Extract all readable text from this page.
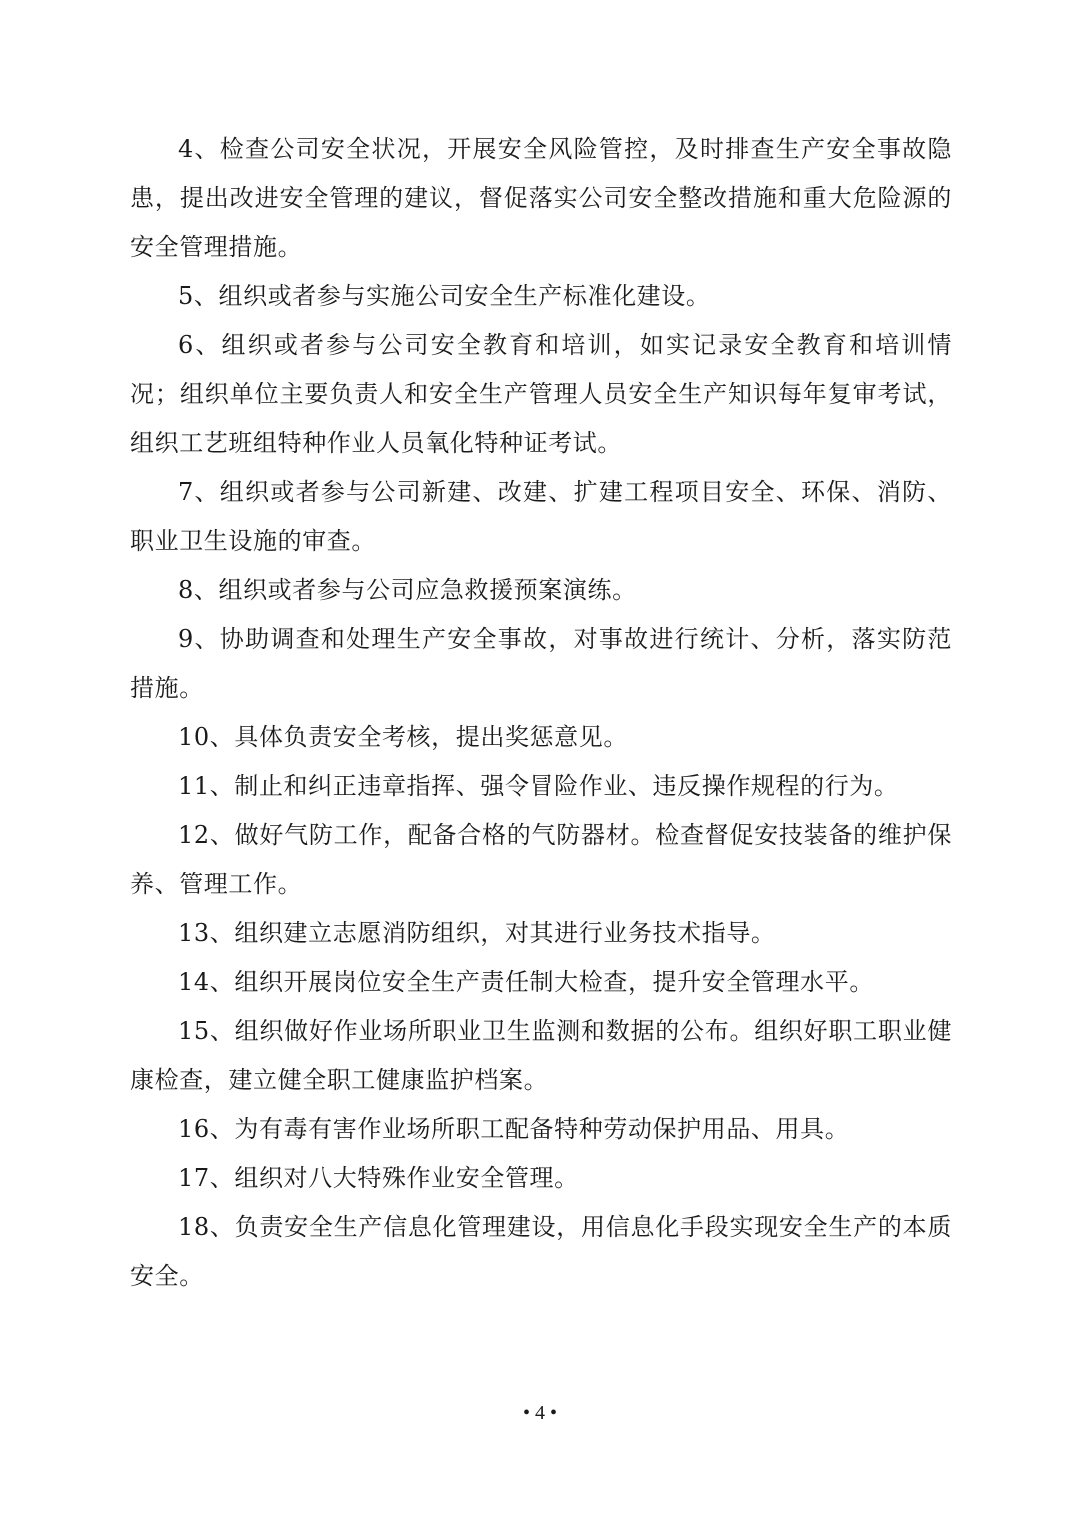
4、检查公司安全状况，开展安全风险管控，及时排查生产安全事故隐患，提出改进安全管理的建议，督促落实公司安全整改措施和重大危险源的安全管理措施。

5、组织或者参与实施公司安全生产标准化建设。

6、组织或者参与公司安全教育和培训，如实记录安全教育和培训情况；组织单位主要负责人和安全生产管理人员安全生产知识每年复审考试，组织工艺班组特种作业人员氧化特种证考试。

7、组织或者参与公司新建、改建、扩建工程项目安全、环保、消防、职业卫生设施的审查。

8、组织或者参与公司应急救援预案演练。

9、协助调查和处理生产安全事故，对事故进行统计、分析，落实防范措施。

10、具体负责安全考核，提出奖惩意见。

11、制止和纠正违章指挥、强令冒险作业、违反操作规程的行为。

12、做好气防工作，配备合格的气防器材。检查督促安技装备的维护保养、管理工作。

13、组织建立志愿消防组织，对其进行业务技术指导。

14、组织开展岗位安全生产责任制大检查，提升安全管理水平。

15、组织做好作业场所职业卫生监测和数据的公布。组织好职工职业健康检查，建立健全职工健康监护档案。

16、为有毒有害作业场所职工配备特种劳动保护用品、用具。

17、组织对八大特殊作业安全管理。

18、负责安全生产信息化管理建设，用信息化手段实现安全生产的本质安全。

• 4 •
